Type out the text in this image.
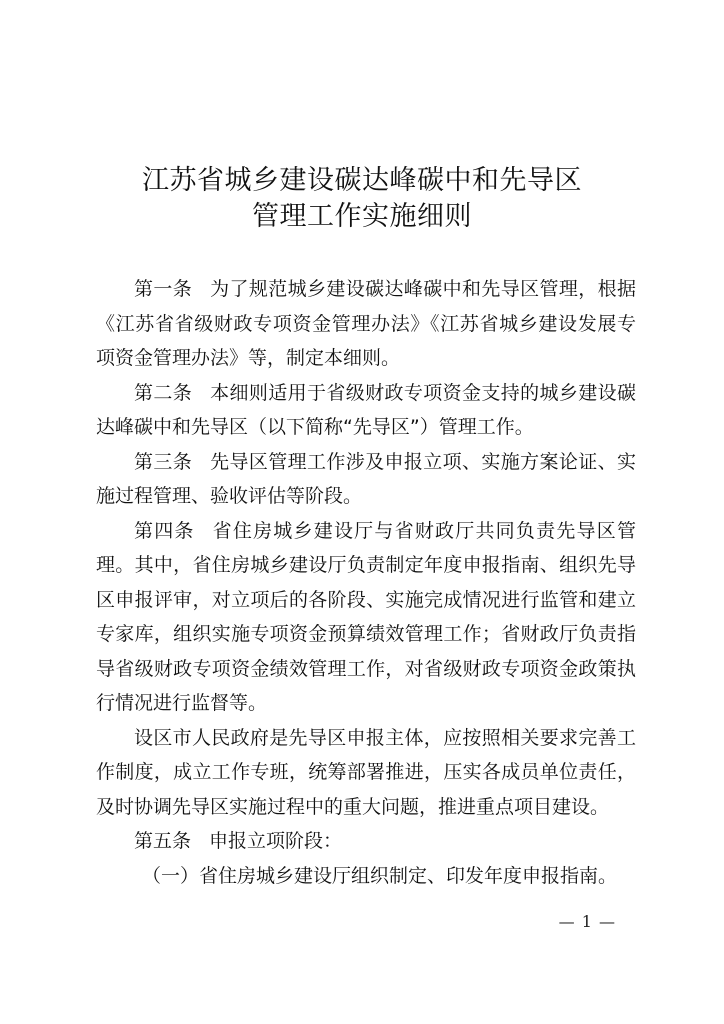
江苏省城乡建设碳达峰碳中和先导区
管理工作实施细则

第一条 为了规范城乡建设碳达峰碳中和先导区管理，根据《江苏省省级财政专项资金管理办法》《江苏省城乡建设发展专项资金管理办法》等，制定本细则。

第二条 本细则适用于省级财政专项资金支持的城乡建设碳达峰碳中和先导区（以下简称“先导区”）管理工作。

第三条 先导区管理工作涉及申报立项、实施方案论证、实施过程管理、验收评估等阶段。

第四条 省住房城乡建设厅与省财政厅共同负责先导区管理。其中，省住房城乡建设厅负责制定年度申报指南、组织先导区申报评审，对立项后的各阶段、实施完成情况进行监管和建立专家库，组织实施专项资金预算绩效管理工作；省财政厅负责指导省级财政专项资金绩效管理工作，对省级财政专项资金政策执行情况进行监督等。

设区市人民政府是先导区申报主体，应按照相关要求完善工作制度，成立工作专班，统筹部署推进，压实各成员单位责任，及时协调先导区实施过程中的重大问题，推进重点项目建设。

第五条 申报立项阶段：

（一）省住房城乡建设厅组织制定、印发年度申报指南。

— 1 —
